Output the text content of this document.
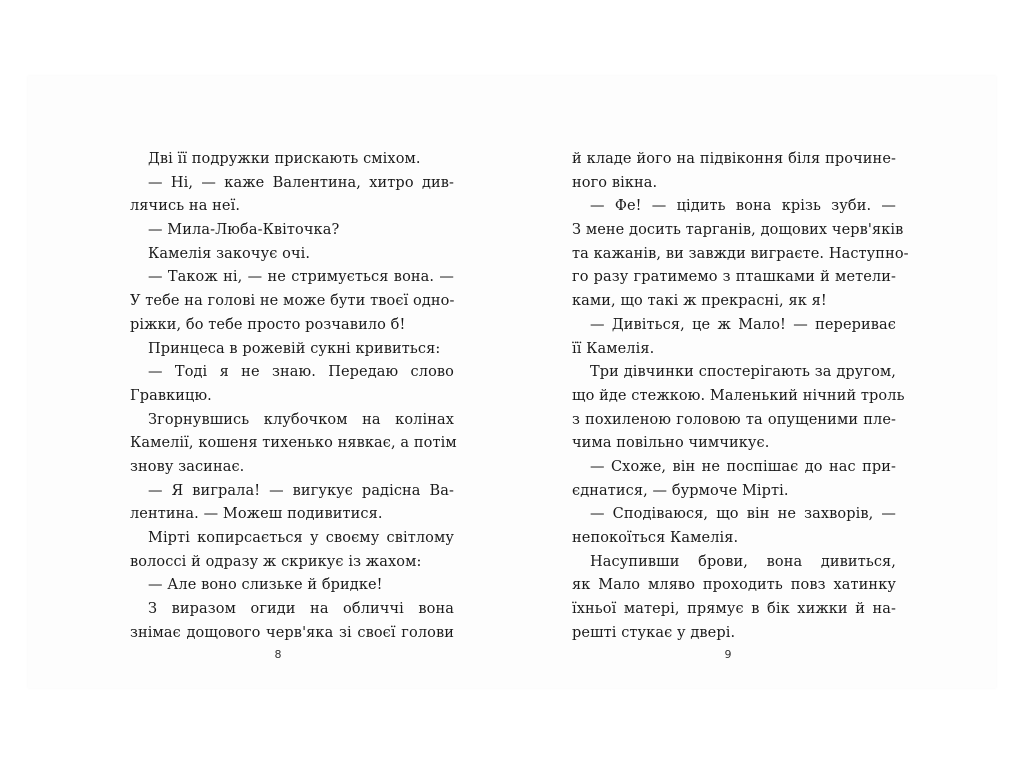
Дві її подружки прискають сміхом.
— Ні, — каже Валентина, хитро див-
лячись на неї.
— Мила-Люба-Квіточка?
Камелія закочує очі.
— Також ні, — не стримується вона. —
У тебе на голові не може бути твоєї одно-
ріжки, бо тебе просто розчавило б!
Принцеса в рожевій сукні кривиться:
— Тоді я не знаю. Передаю слово
Гравкицю.
Згорнувшись клубочком на колінах
Камелії, кошеня тихенько нявкає, а потім
знову засинає.
— Я виграла! — вигукує радісна Ва-
лентина. — Можеш подивитися.
Мірті копирсається у своєму світлому
волоссі й одразу ж скрикує із жахом:
— Але воно слизьке й бридке!
З виразом огиди на обличчі вона
знімає дощового черв'яка зі своєї голови
8
й кладе його на підвіконня біля прочине-
ного вікна.
— Фе! — цідить вона крізь зуби. —
З мене досить тарганів, дощових черв'яків
та кажанів, ви завжди виграєте. Наступно-
го разу гратимемо з пташками й метели-
ками, що такі ж прекрасні, як я!
— Дивіться, це ж Мало! — перериває
її Камелія.
Три дівчинки спостерігають за другом,
що йде стежкою. Маленький нічний троль
з похиленою головою та опущеними пле-
чима повільно чимчикує.
— Схоже, він не поспішає до нас при-
єднатися, — бурмоче Мірті.
— Сподіваюся, що він не захворів, —
непокоїться Камелія.
Насупивши брови, вона дивиться,
як Мало мляво проходить повз хатинку
їхньої матері, прямує в бік хижки й на-
решті стукає у двері.
9
